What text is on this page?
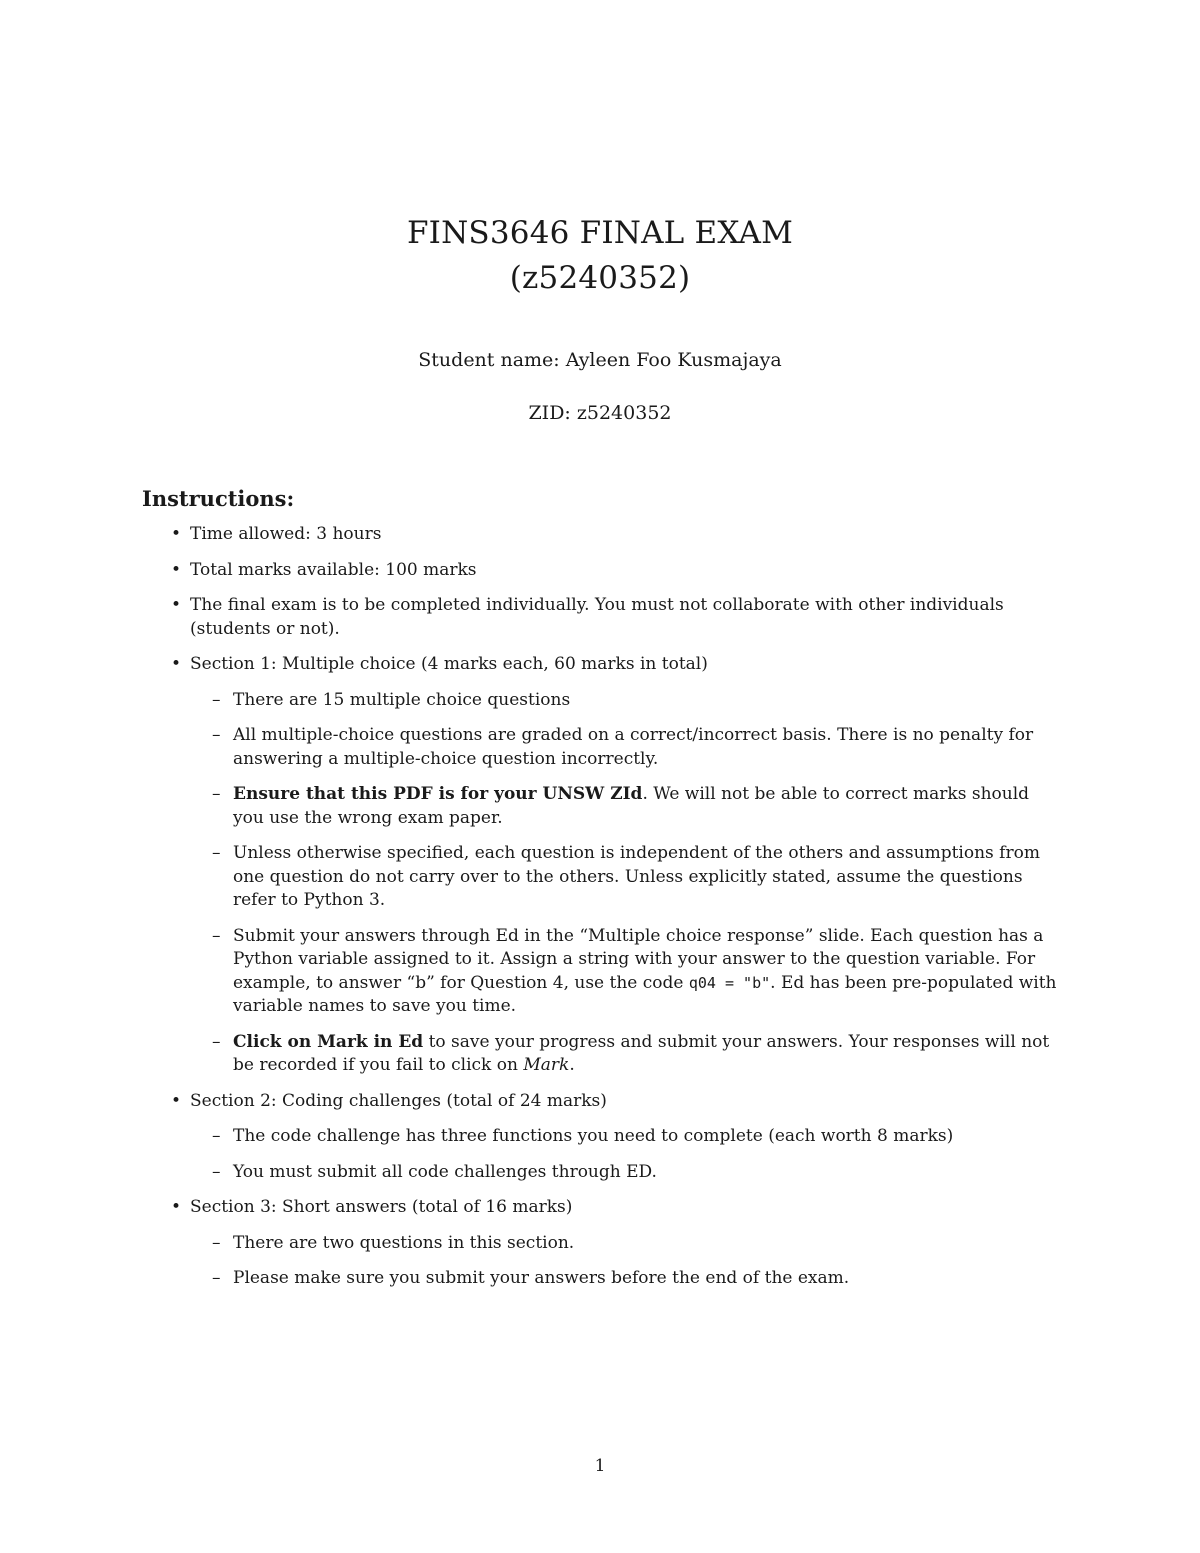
FINS3646 FINAL EXAM
(z5240352)
Student name: Ayleen Foo Kusmajaya
ZID: z5240352
Instructions:
• Time allowed: 3 hours
• Total marks available: 100 marks
• The final exam is to be completed individually. You must not collaborate with other individuals (students or not).
• Section 1: Multiple choice (4 marks each, 60 marks in total)
– There are 15 multiple choice questions
– All multiple-choice questions are graded on a correct/incorrect basis. There is no penalty for answering a multiple-choice question incorrectly.
– Ensure that this PDF is for your UNSW ZId. We will not be able to correct marks should you use the wrong exam paper.
– Unless otherwise specified, each question is independent of the others and assumptions from one question do not carry over to the others. Unless explicitly stated, assume the questions refer to Python 3.
– Submit your answers through Ed in the “Multiple choice response” slide. Each question has a Python variable assigned to it. Assign a string with your answer to the question variable. For example, to answer “b” for Question 4, use the code q04 = "b". Ed has been pre-populated with variable names to save you time.
– Click on Mark in Ed to save your progress and submit your answers. Your responses will not be recorded if you fail to click on Mark.
• Section 2: Coding challenges (total of 24 marks)
– The code challenge has three functions you need to complete (each worth 8 marks)
– You must submit all code challenges through ED.
• Section 3: Short answers (total of 16 marks)
– There are two questions in this section.
– Please make sure you submit your answers before the end of the exam.
1
